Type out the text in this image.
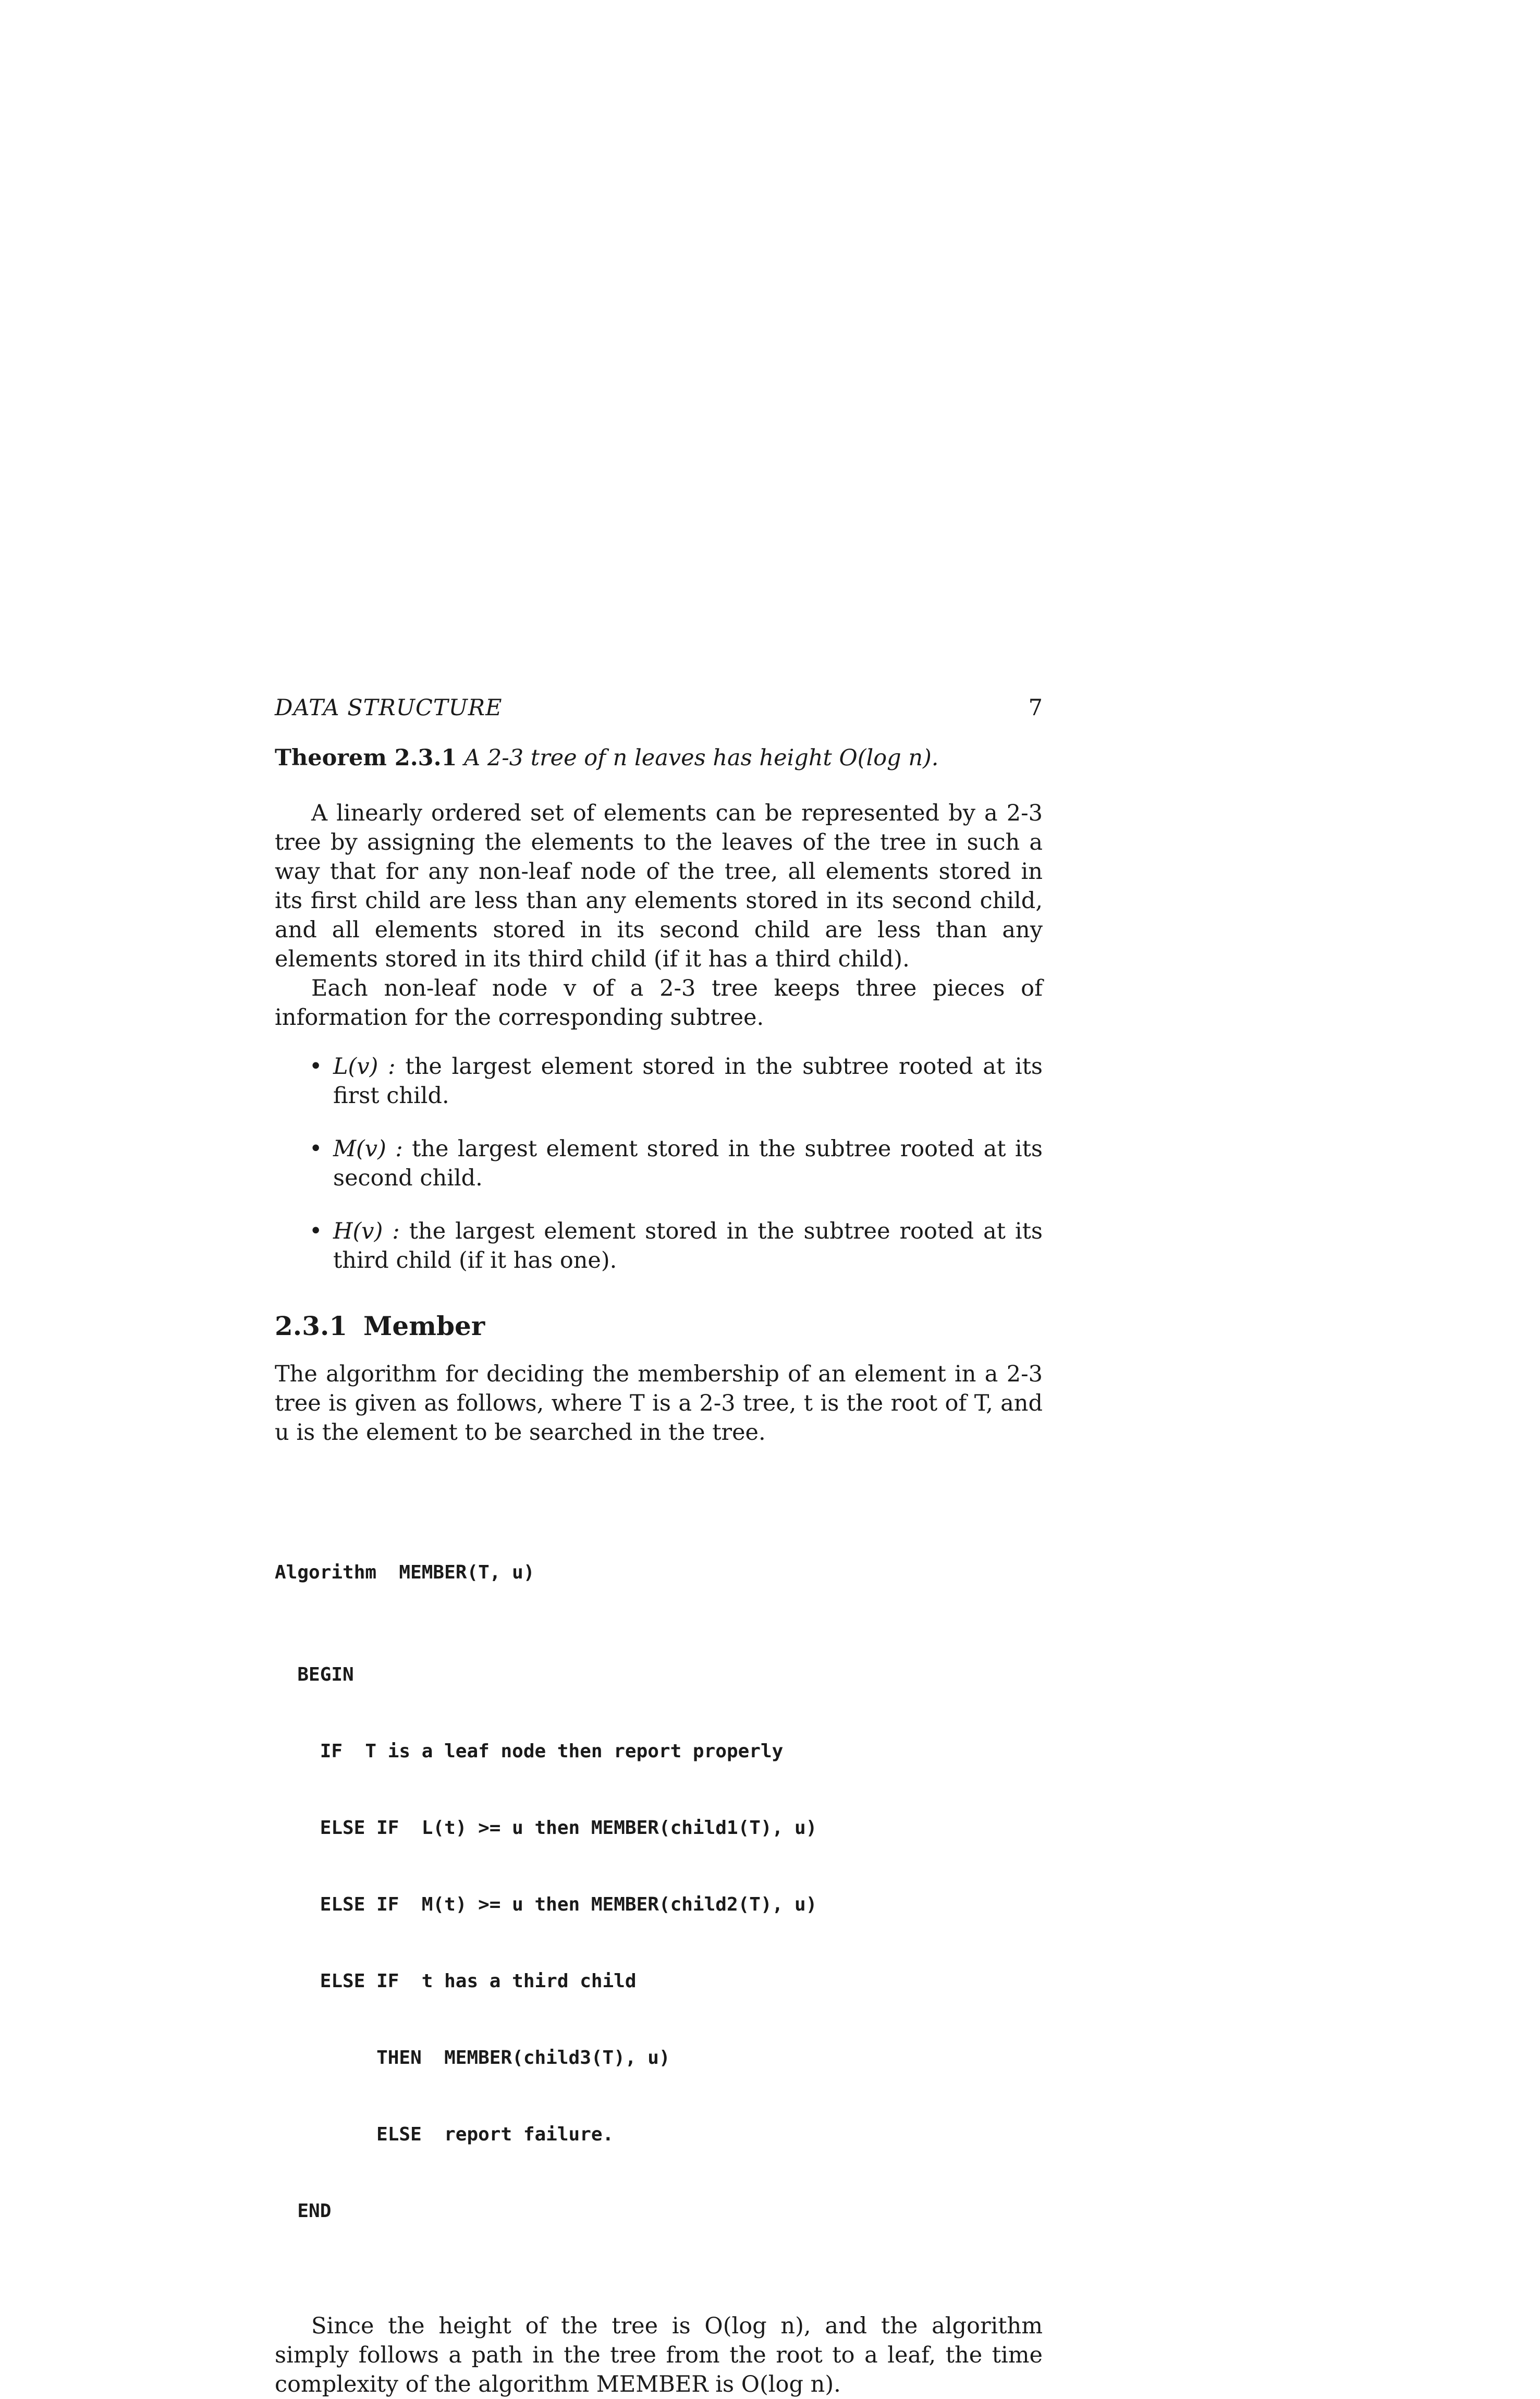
DATA STRUCTURE	7

Theorem 2.3.1 A 2-3 tree of n leaves has height O(log n).

A linearly ordered set of elements can be represented by a 2-3 tree by assigning the elements to the leaves of the tree in such a way that for any non-leaf node of the tree, all elements stored in its first child are less than any elements stored in its second child, and all elements stored in its second child are less than any elements stored in its third child (if it has a third child).

Each non-leaf node v of a 2-3 tree keeps three pieces of information for the corresponding subtree.

• L(v) : the largest element stored in the subtree rooted at its first child.
• M(v) : the largest element stored in the subtree rooted at its second child.
• H(v) : the largest element stored in the subtree rooted at its third child (if it has one).
2.3.1 Member

The algorithm for deciding the membership of an element in a 2-3 tree is given as follows, where T is a 2-3 tree, t is the root of T, and u is the element to be searched in the tree.

Algorithm  MEMBER(T, u)

BEGIN

IF  T is a leaf node then report properly

ELSE IF  L(t) >= u then MEMBER(child1(T), u)

ELSE IF  M(t) >= u then MEMBER(child2(T), u)

ELSE IF  t has a third child

THEN  MEMBER(child3(T), u)

ELSE  report failure.

END

Since the height of the tree is O(log n), and the algorithm simply follows a path in the tree from the root to a leaf, the time complexity of the algorithm MEMBER is O(log n).
